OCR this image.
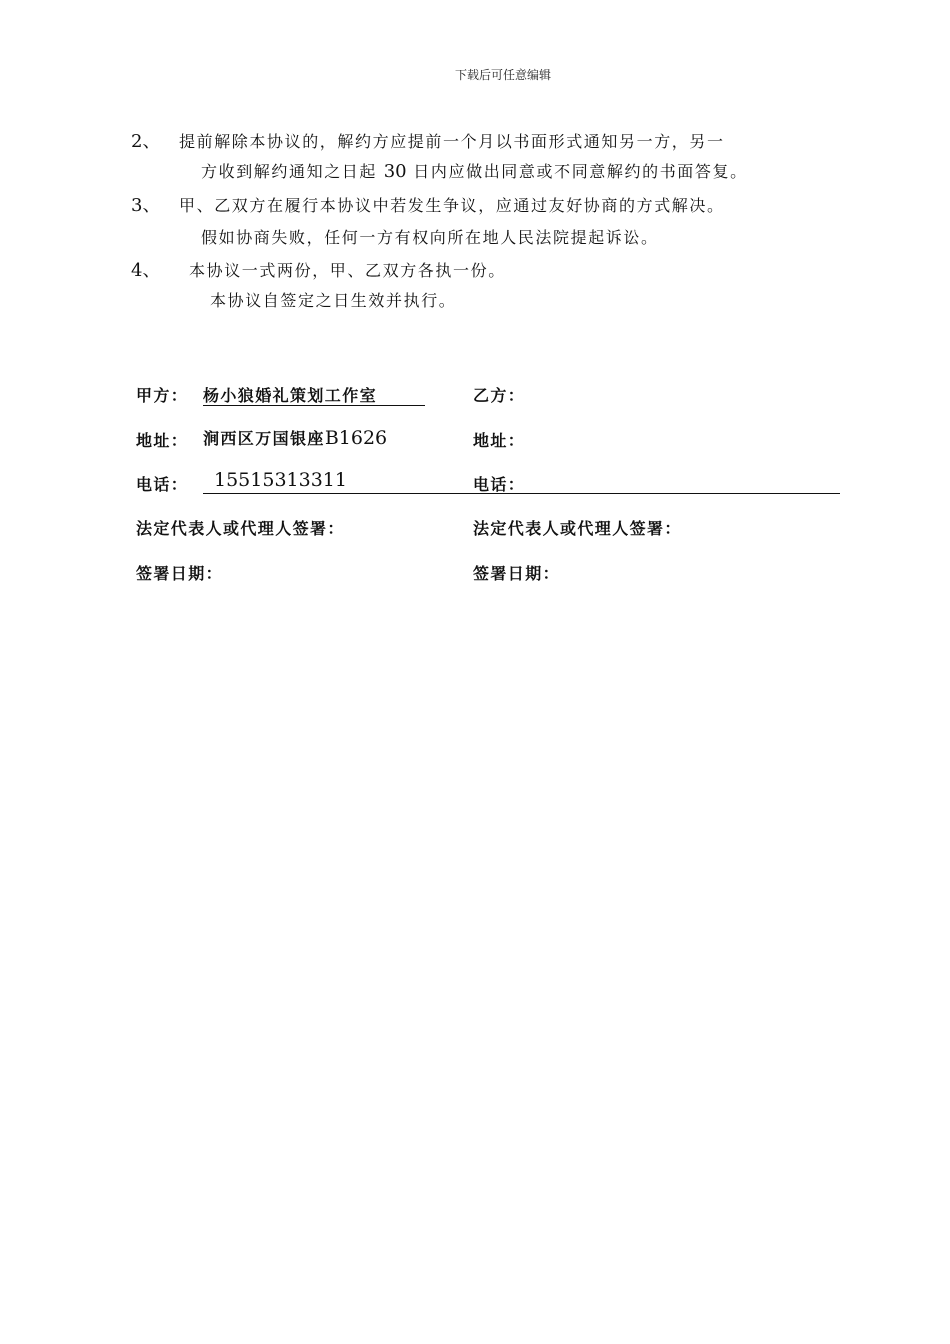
下载后可任意编辑
2、 提前解除本协议的，解约方应提前一个月以书面形式通知另一方，另一
方收到解约通知之日起 30 日内应做出同意或不同意解约的书面答复。
3、 甲、乙双方在履行本协议中若发生争议，应通过友好协商的方式解决。
假如协商失败，任何一方有权向所在地人民法院提起诉讼。
4、 本协议一式两份，甲、乙双方各执一份。
本协议自签定之日生效并执行。
甲方： 杨小狼婚礼策划工作室
地址： 涧西区万国银座B1626
电话： 15515313311
法定代表人或代理人签署：
签署日期：
乙方：
地址：
电话：
法定代表人或代理人签署：
签署日期：
